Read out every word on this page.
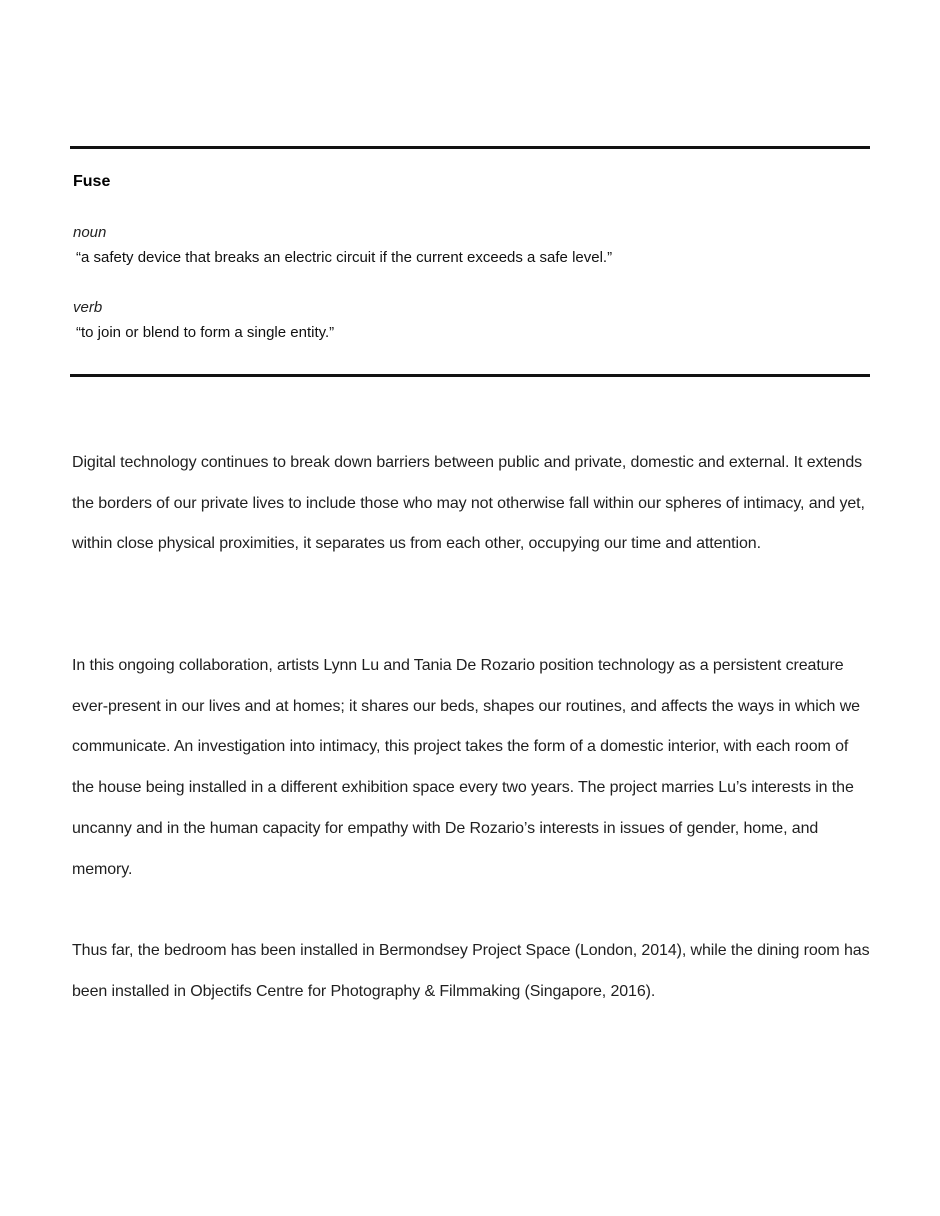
Fuse
noun
“a safety device that breaks an electric circuit if the current exceeds a safe level.”
verb
“to join or blend to form a single entity.”

Digital technology continues to break down barriers between public and private, domestic and external. It extends the borders of our private lives to include those who may not otherwise fall within our spheres of intimacy, and yet, within close physical proximities, it separates us from each other, occupying our time and attention.

In this ongoing collaboration, artists Lynn Lu and Tania De Rozario position technology as a persistent creature ever-present in our lives and at homes; it shares our beds, shapes our routines, and affects the ways in which we communicate. An investigation into intimacy, this project takes the form of a domestic interior, with each room of the house being installed in a different exhibition space every two years. The project marries Lu’s interests in the uncanny and in the human capacity for empathy with De Rozario’s interests in issues of gender, home, and memory.

Thus far, the bedroom has been installed in Bermondsey Project Space (London, 2014), while the dining room has been installed in Objectifs Centre for Photography & Filmmaking (Singapore, 2016).
